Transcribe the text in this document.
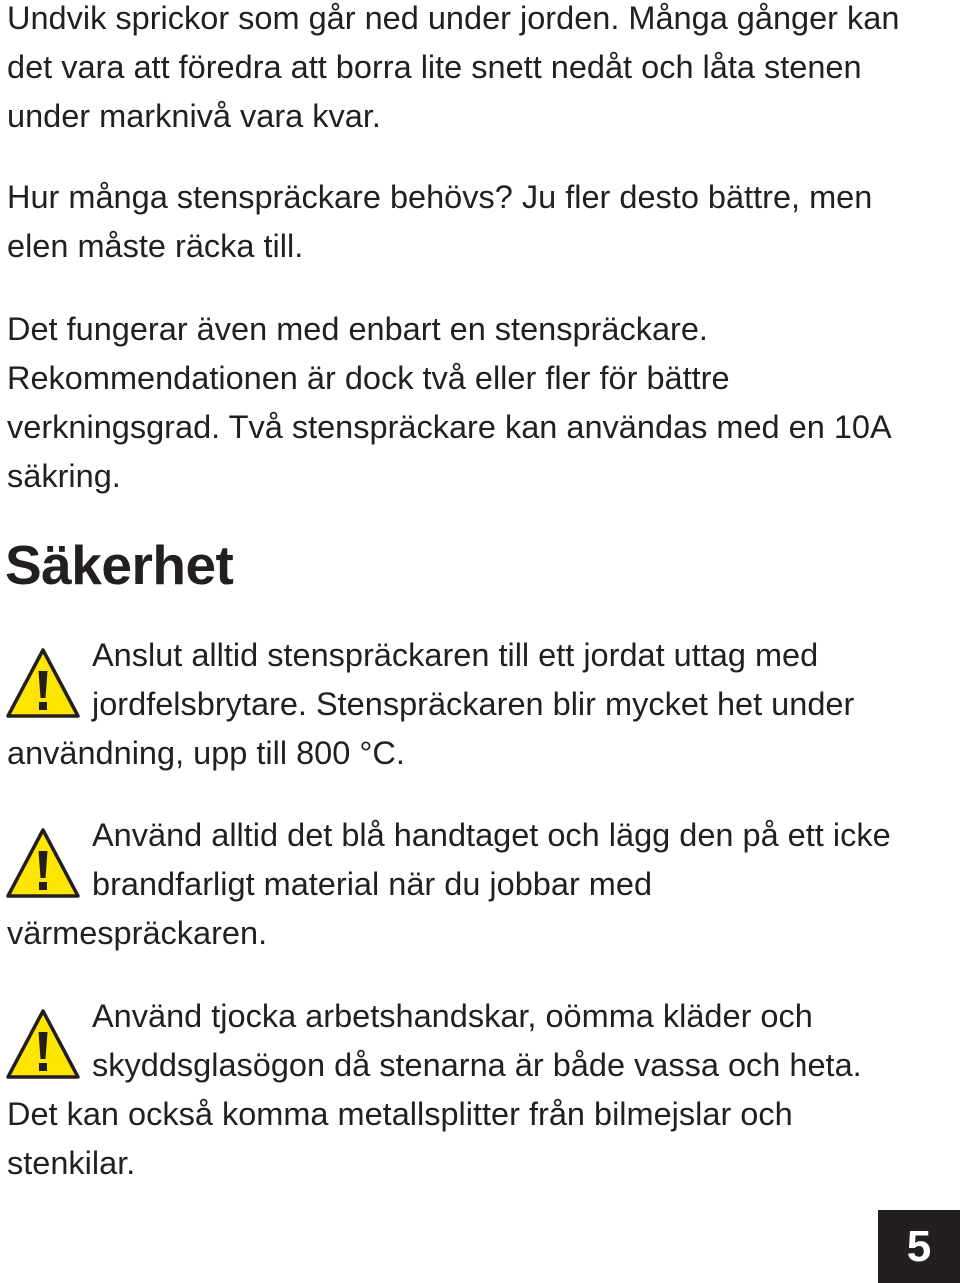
Undvik sprickor som går ned under jorden. Många gånger kan det vara att föredra att borra lite snett nedåt och låta stenen under marknivå vara kvar.

Hur många stenspräckare behövs? Ju fler desto bättre, men elen måste räcka till.

Det fungerar även med enbart en stenspräckare. Rekommendationen är dock två eller fler för bättre verkningsgrad. Två stenspräckare kan användas med en 10A säkring.

Säkerhet
Anslut alltid stenspräckaren till ett jordat uttag med jordfelsbrytare. Stenspräckaren blir mycket het under användning, upp till 800 °C.
Använd alltid det blå handtaget och lägg den på ett icke brandfarligt material när du jobbar med värmespräckaren.
Använd tjocka arbetshandskar, oömma kläder och skyddsglasögon då stenarna är både vassa och heta. Det kan också komma metallsplitter från bilmejslar och stenkilar.
5
